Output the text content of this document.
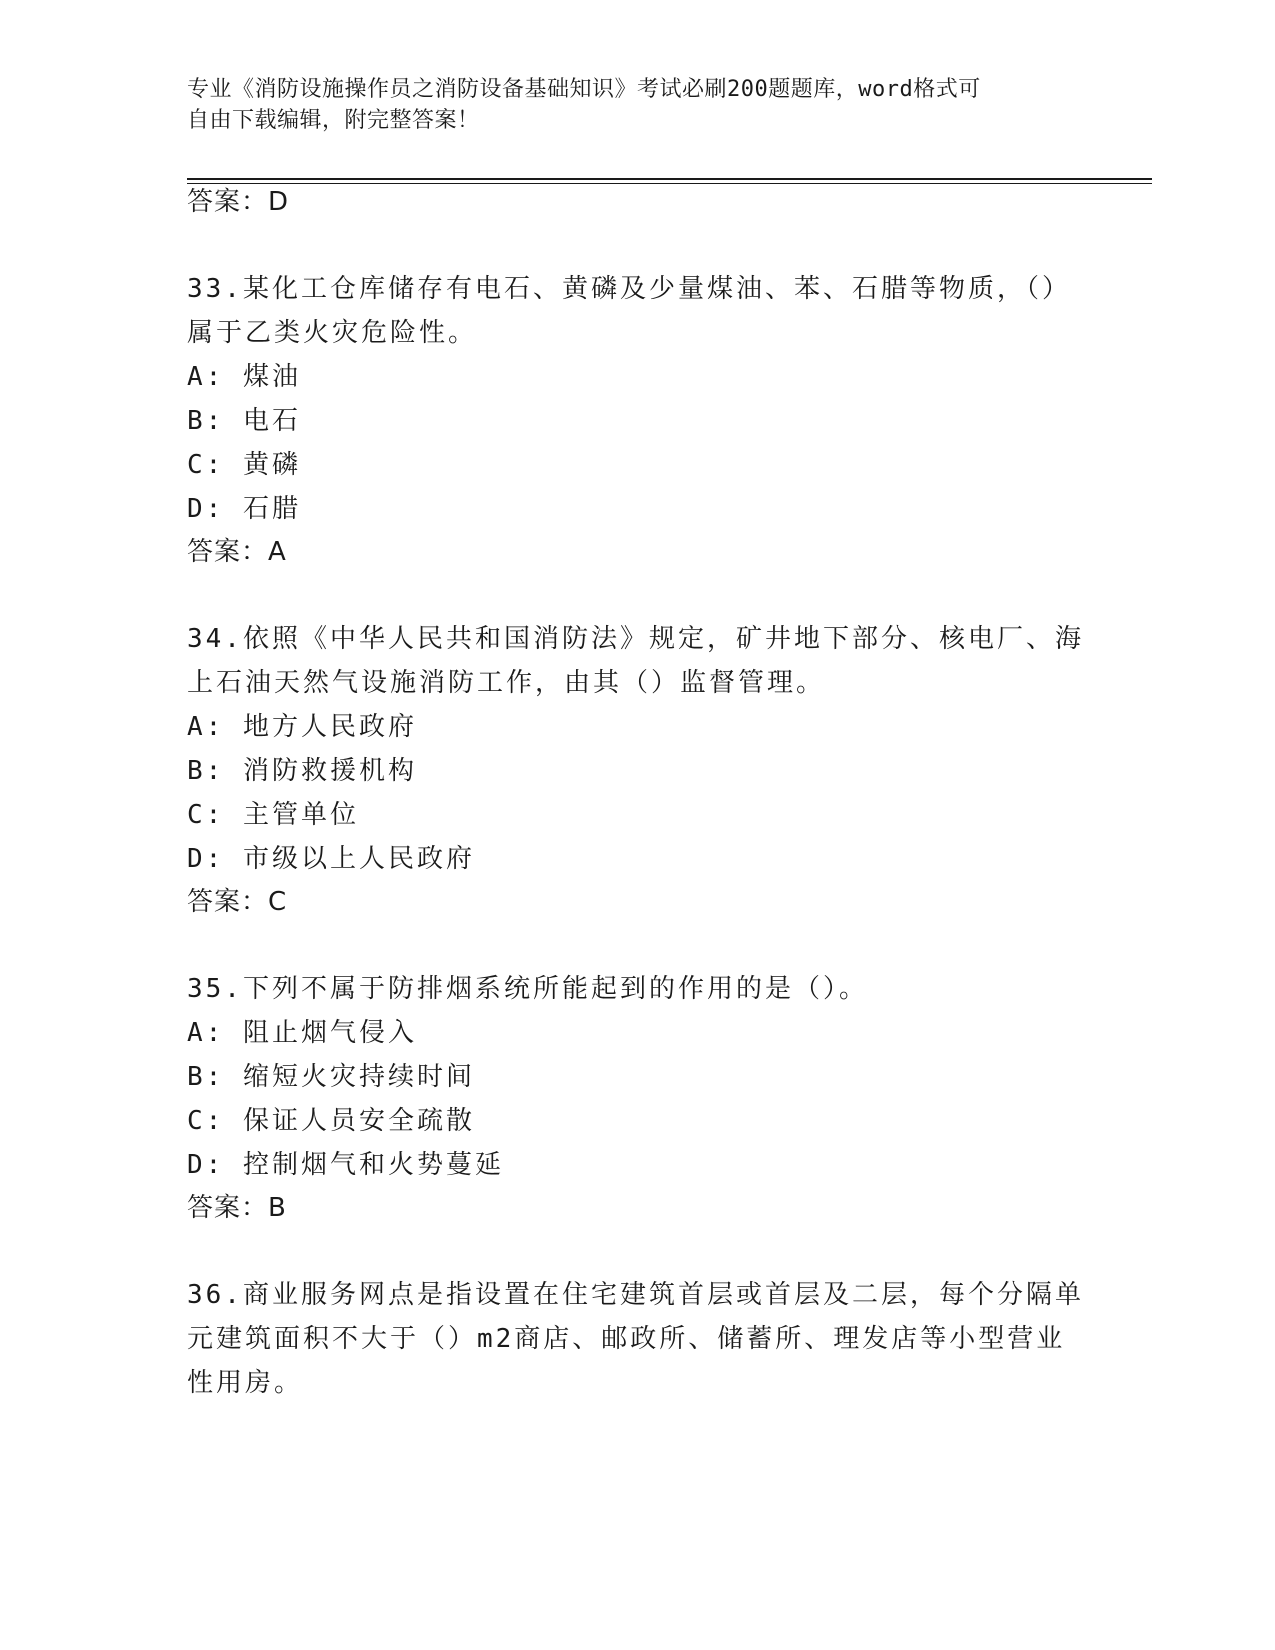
专业《消防设施操作员之消防设备基础知识》考试必刷200题题库，word格式可
自由下载编辑，附完整答案！
答案：D
33.某化工仓库储存有电石、黄磷及少量煤油、苯、石腊等物质，（）
属于乙类火灾危险性。
A: 煤油
B: 电石
C: 黄磷
D: 石腊
答案：A
34.依照《中华人民共和国消防法》规定，矿井地下部分、核电厂、海
上石油天然气设施消防工作，由其（）监督管理。
A: 地方人民政府
B: 消防救援机构
C: 主管单位
D: 市级以上人民政府
答案：C
35.下列不属于防排烟系统所能起到的作用的是（）。
A: 阻止烟气侵入
B: 缩短火灾持续时间
C: 保证人员安全疏散
D: 控制烟气和火势蔓延
答案：B
36.商业服务网点是指设置在住宅建筑首层或首层及二层，每个分隔单
元建筑面积不大于（）m2商店、邮政所、储蓄所、理发店等小型营业
性用房。
